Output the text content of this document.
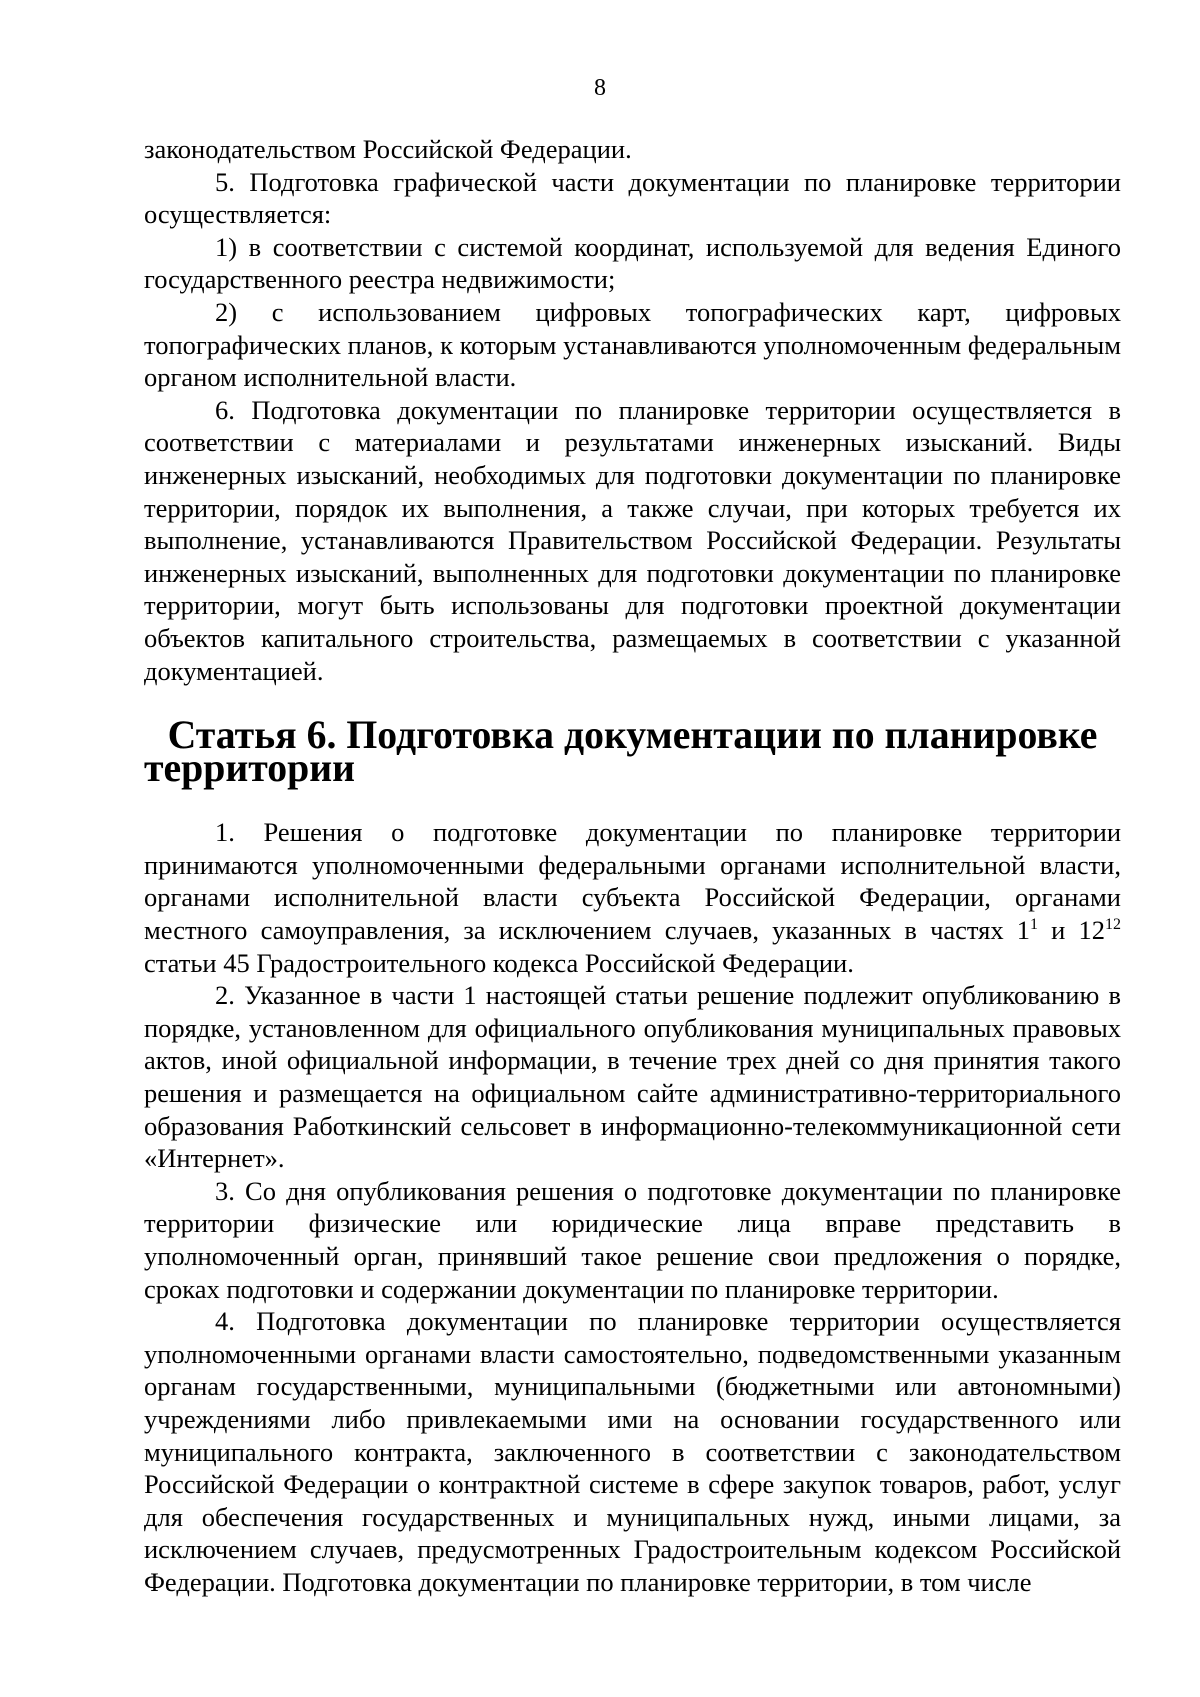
8

законодательством Российской Федерации.

5. Подготовка графической части документации по планировке территории осуществляется:

1) в соответствии с системой координат, используемой для ведения Единого государственного реестра недвижимости;

2) с использованием цифровых топографических карт, цифровых топографических планов, к которым устанавливаются уполномоченным федеральным органом исполнительной власти.

6. Подготовка документации по планировке территории осуществляется в соответствии с материалами и результатами инженерных изысканий. Виды инженерных изысканий, необходимых для подготовки документации по планировке территории, порядок их выполнения, а также случаи, при которых требуется их выполнение, устанавливаются Правительством Российской Федерации. Результаты инженерных изысканий, выполненных для подготовки документации по планировке территории, могут быть использованы для подготовки проектной документации объектов капитального строительства, размещаемых в соответствии с указанной документацией.

Статья 6. Подготовка документации по планировке территории

1. Решения о подготовке документации по планировке территории принимаются уполномоченными федеральными органами исполнительной власти, органами исполнительной власти субъекта Российской Федерации, органами местного самоуправления, за исключением случаев, указанных в частях $1^1$ и $12^{12}$ статьи 45 Градостроительного кодекса Российской Федерации.

2. Указанное в части 1 настоящей статьи решение подлежит опубликованию в порядке, установленном для официального опубликования муниципальных правовых актов, иной официальной информации, в течение трех дней со дня принятия такого решения и размещается на официальном сайте административно-территориального образования Работкинский сельсовет в информационно-телекоммуникационной сети «Интернет».

3. Со дня опубликования решения о подготовке документации по планировке территории физические или юридические лица вправе представить в уполномоченный орган, принявший такое решение свои предложения о порядке, сроках подготовки и содержании документации по планировке территории.

4. Подготовка документации по планировке территории осуществляется уполномоченными органами власти самостоятельно, подведомственными указанным органам государственными, муниципальными (бюджетными или автономными) учреждениями либо привлекаемыми ими на основании государственного или муниципального контракта, заключенного в соответствии с законодательством Российской Федерации о контрактной системе в сфере закупок товаров, работ, услуг для обеспечения государственных и муниципальных нужд, иными лицами, за исключением случаев, предусмотренных Градостроительным кодексом Российской Федерации. Подготовка документации по планировке территории, в том числе
